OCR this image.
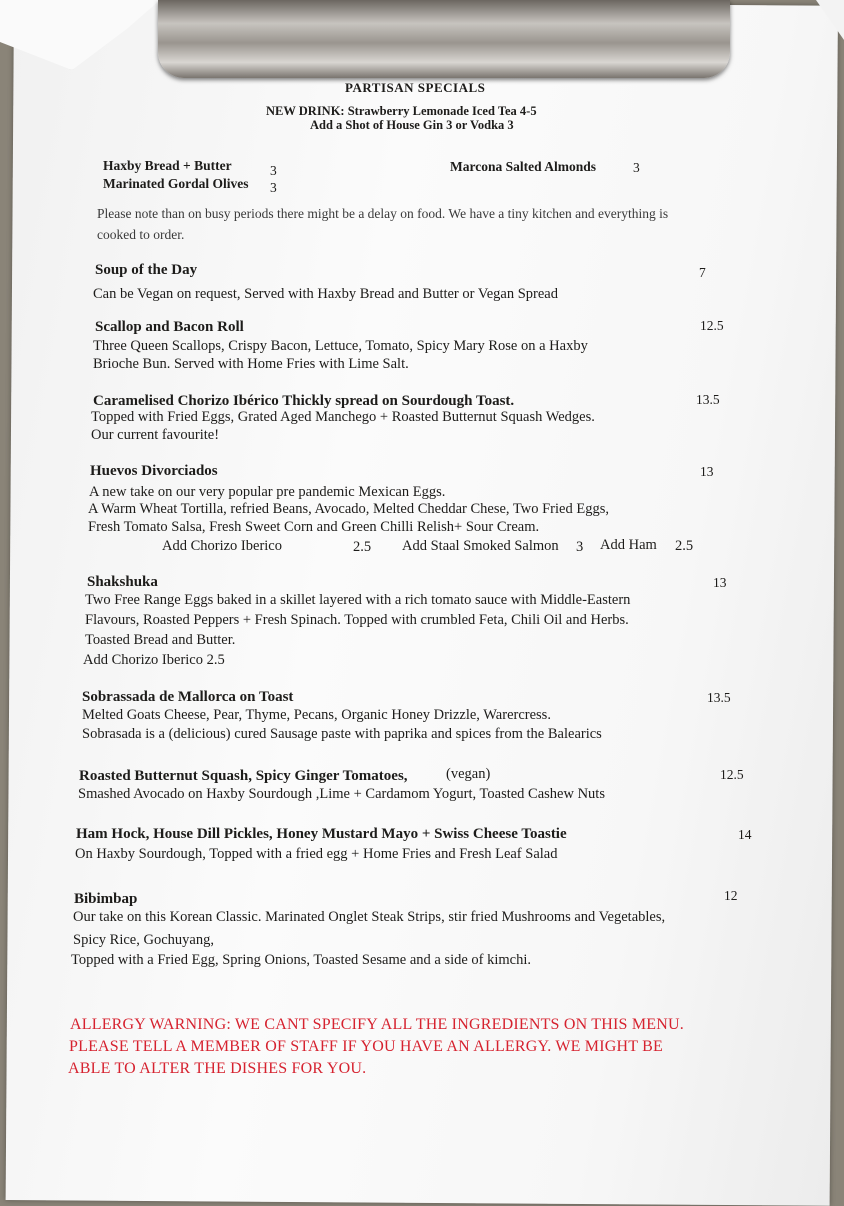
PARTISAN SPECIALS
NEW DRINK: Strawberry Lemonade Iced Tea 4-5
Add a Shot of House Gin 3 or Vodka 3
Haxby Bread + Butter	3
Marinated Gordal Olives 3
Marcona Salted Almonds	3
Please note than on busy periods there might be a delay on food. We have a tiny kitchen and everything is
cooked to order.
Soup of the Day	7
Can be Vegan on request, Served with Haxby Bread and Butter or Vegan Spread
Scallop and Bacon Roll	12.5
Three Queen Scallops, Crispy Bacon, Lettuce, Tomato, Spicy Mary Rose on a Haxby
Brioche Bun. Served with Home Fries with Lime Salt.
Caramelised Chorizo Ibérico Thickly spread on Sourdough Toast.	13.5
Topped with Fried Eggs, Grated Aged Manchego + Roasted Butternut Squash Wedges.
Our current favourite!
Huevos Divorciados	13
A new take on our very popular pre pandemic Mexican Eggs.
A Warm Wheat Tortilla, refried Beans, Avocado, Melted Cheddar Chese, Two Fried Eggs,
Fresh Tomato Salsa, Fresh Sweet Corn and Green Chilli Relish+ Sour Cream.
Add Chorizo Iberico	2.5 Add Staal Smoked Salmon 3 Add Ham 2.5
Shakshuka	13
Two Free Range Eggs baked in a skillet layered with a rich tomato sauce with Middle-Eastern
Flavours, Roasted Peppers + Fresh Spinach. Topped with crumbled Feta, Chili Oil and Herbs.
Toasted Bread and Butter.
Add Chorizo Iberico 2.5
Sobrassada de Mallorca on Toast	13.5
Melted Goats Cheese, Pear, Thyme, Pecans, Organic Honey Drizzle, Warercress.
Sobrasada is a (delicious) cured Sausage paste with paprika and spices from the Balearics
Roasted Butternut Squash, Spicy Ginger Tomatoes,	(vegan)	12.5
Smashed Avocado on Haxby Sourdough ,Lime + Cardamom Yogurt, Toasted Cashew Nuts
Ham Hock, House Dill Pickles, Honey Mustard Mayo + Swiss Cheese Toastie	14
On Haxby Sourdough, Topped with a fried egg + Home Fries and Fresh Leaf Salad
Bibimbap	12
Our take on this Korean Classic. Marinated Onglet Steak Strips, stir fried Mushrooms and Vegetables,
Spicy Rice, Gochuyang,
Topped with a Fried Egg, Spring Onions, Toasted Sesame and a side of kimchi.
ALLERGY WARNING: WE CANT SPECIFY ALL THE INGREDIENTS ON THIS MENU.
PLEASE TELL A MEMBER OF STAFF IF YOU HAVE AN ALLERGY. WE MIGHT BE
ABLE TO ALTER THE DISHES FOR YOU.
